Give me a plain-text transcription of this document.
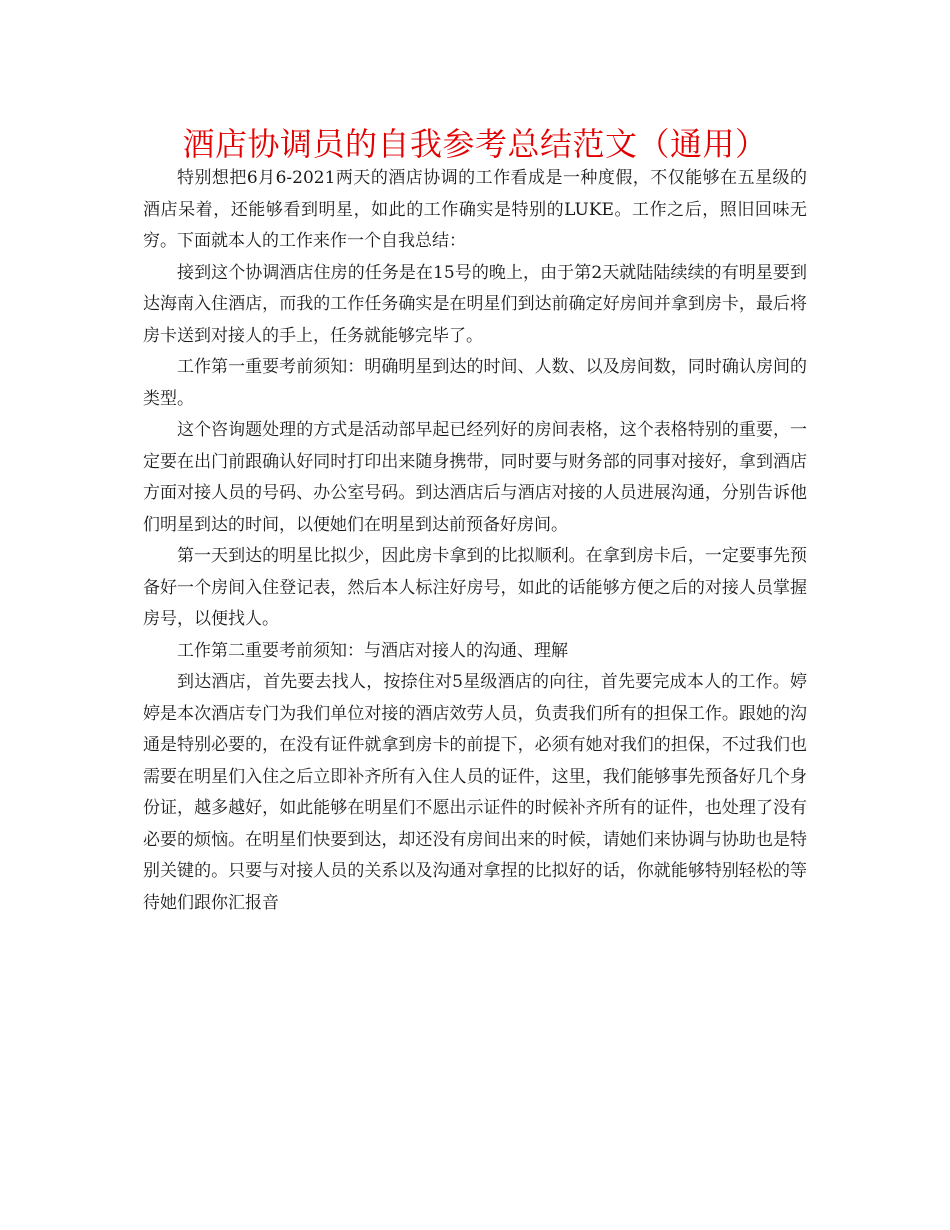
酒店协调员的自我参考总结范文（通用）

特别想把6月6-2021两天的酒店协调的工作看成是一种度假，不仅能够在五星级的酒店呆着，还能够看到明星，如此的工作确实是特别的LUKE。工作之后，照旧回味无穷。下面就本人的工作来作一个自我总结：

接到这个协调酒店住房的任务是在15号的晚上，由于第2天就陆陆续续的有明星要到达海南入住酒店，而我的工作任务确实是在明星们到达前确定好房间并拿到房卡，最后将房卡送到对接人的手上，任务就能够完毕了。

工作第一重要考前须知：明确明星到达的时间、人数、以及房间数，同时确认房间的类型。

这个咨询题处理的方式是活动部早起已经列好的房间表格，这个表格特别的重要，一定要在出门前跟确认好同时打印出来随身携带，同时要与财务部的同事对接好，拿到酒店方面对接人员的号码、办公室号码。到达酒店后与酒店对接的人员进展沟通，分别告诉他们明星到达的时间，以便她们在明星到达前预备好房间。

第一天到达的明星比拟少，因此房卡拿到的比拟顺利。在拿到房卡后，一定要事先预备好一个房间入住登记表，然后本人标注好房号，如此的话能够方便之后的对接人员掌握房号，以便找人。

工作第二重要考前须知：与酒店对接人的沟通、理解

到达酒店，首先要去找人，按捺住对5星级酒店的向往，首先要完成本人的工作。婷婷是本次酒店专门为我们单位对接的酒店效劳人员，负责我们所有的担保工作。跟她的沟通是特别必要的，在没有证件就拿到房卡的前提下，必须有她对我们的担保，不过我们也需要在明星们入住之后立即补齐所有入住人员的证件，这里，我们能够事先预备好几个身份证，越多越好，如此能够在明星们不愿出示证件的时候补齐所有的证件，也处理了没有必要的烦恼。在明星们快要到达，却还没有房间出来的时候，请她们来协调与协助也是特别关键的。只要与对接人员的关系以及沟通对拿捏的比拟好的话，你就能够特别轻松的等待她们跟你汇报音
